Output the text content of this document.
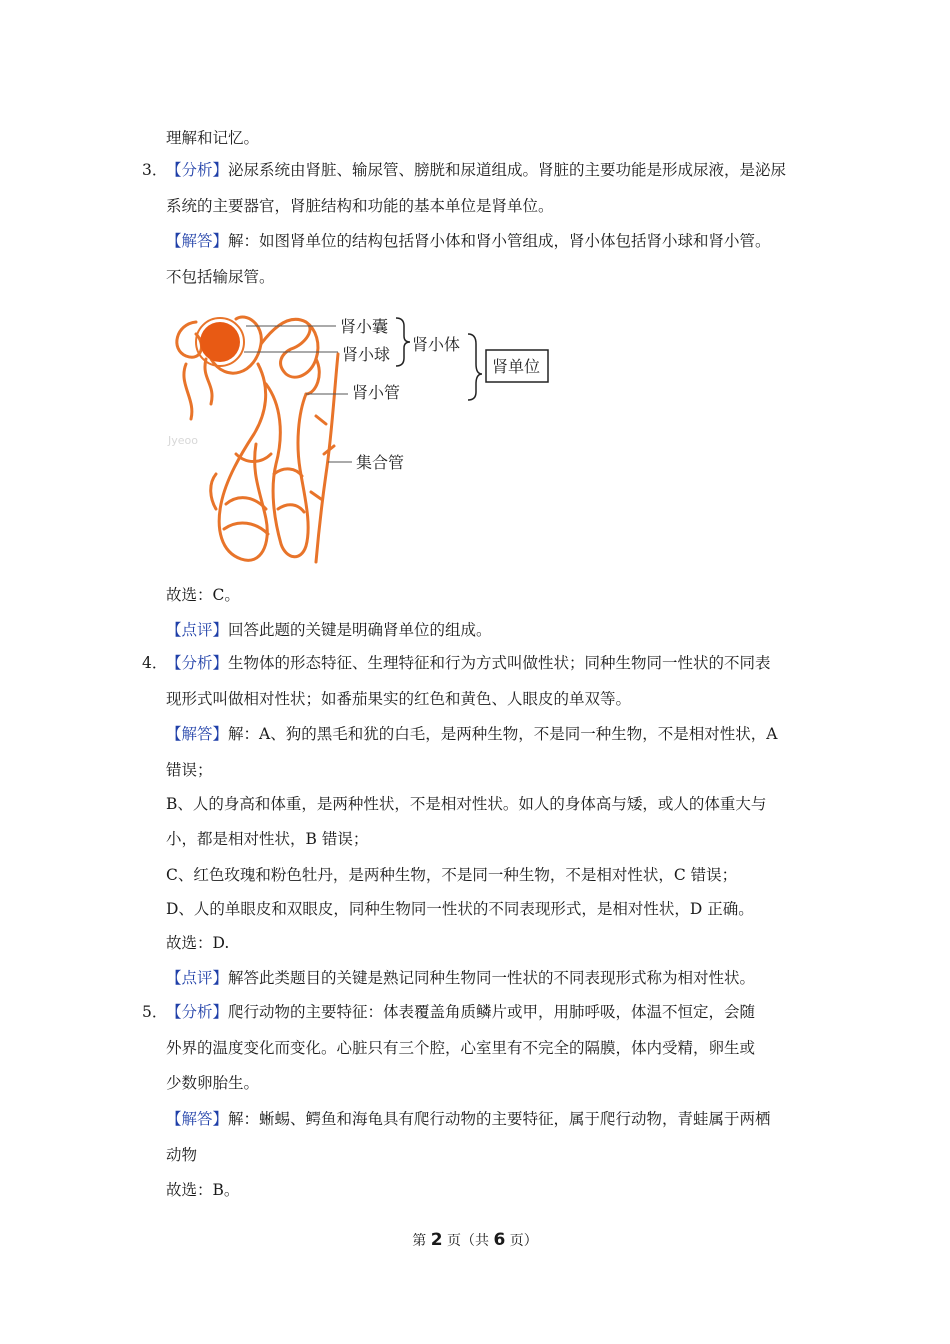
理解和记忆。
3．
【分析】泌尿系统由肾脏、输尿管、膀胱和尿道组成。肾脏的主要功能是形成尿液，是泌尿
系统的主要器官，肾脏结构和功能的基本单位是肾单位。
【解答】解：如图肾单位的结构包括肾小体和肾小管组成，肾小体包括肾小球和肾小管。
不包括输尿管。
肾小囊
肾小球
肾小体
肾单位
肾小管
集合管
Jyeoo
故选：C。
【点评】回答此题的关键是明确肾单位的组成。
4．
【分析】生物体的形态特征、生理特征和行为方式叫做性状；同种生物同一性状的不同表
现形式叫做相对性状；如番茄果实的红色和黄色、人眼皮的单双等。
【解答】解：A、狗的黑毛和犹的白毛，是两种生物，不是同一种生物，不是相对性状，A
错误；
B、人的身高和体重，是两种性状，不是相对性状。如人的身体高与矮，或人的体重大与
小，都是相对性状，B 错误；
C、红色玫瑰和粉色牡丹，是两种生物，不是同一种生物，不是相对性状，C 错误；
D、人的单眼皮和双眼皮，同种生物同一性状的不同表现形式，是相对性状，D 正确。
故选：D.
【点评】解答此类题目的关键是熟记同种生物同一性状的不同表现形式称为相对性状。
5．
【分析】爬行动物的主要特征：体表覆盖角质鳞片或甲，用肺呼吸，体温不恒定，会随
外界的温度变化而变化。心脏只有三个腔，心室里有不完全的隔膜，体内受精，卵生或
少数卵胎生。
【解答】解：蜥蜴、鳄鱼和海龟具有爬行动物的主要特征，属于爬行动物，青蛙属于两栖
动物
故选：B。
第 2 页（共 6 页）
